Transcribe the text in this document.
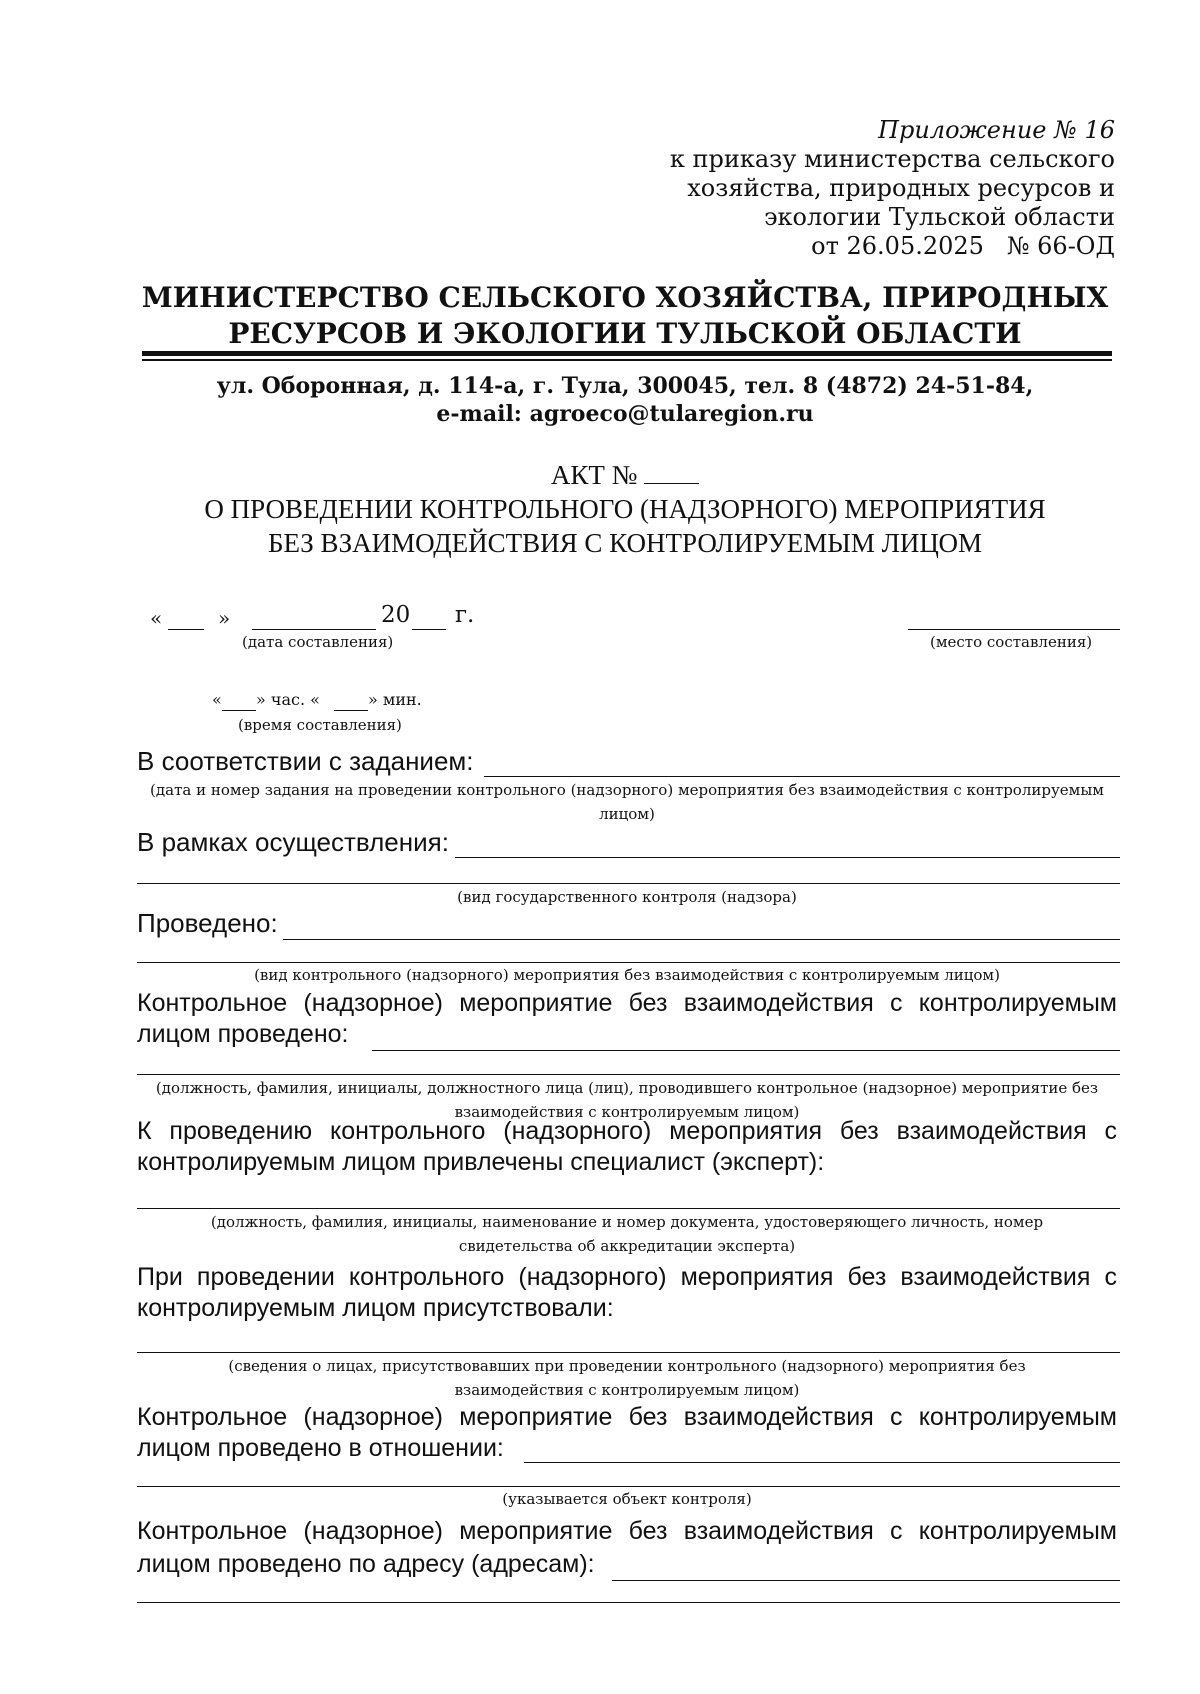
Приложение № 16
к приказу министерства сельского
хозяйства, природных ресурсов и
экологии Тульской области
от 26.05.2025   № 66-ОД
МИНИСТЕРСТВО СЕЛЬСКОГО ХОЗЯЙСТВА, ПРИРОДНЫХ
РЕСУРСОВ И ЭКОЛОГИИ ТУЛЬСКОЙ ОБЛАСТИ
ул. Оборонная, д. 114-а, г. Тула, 300045, тел. 8 (4872) 24-51-84,
e-mail: agroeco@tularegion.ru
АКТ №
О ПРОВЕДЕНИИ КОНТРОЛЬНОГО (НАДЗОРНОГО) МЕРОПРИЯТИЯ
БЕЗ ВЗАИМОДЕЙСТВИЯ С КОНТРОЛИРУЕМЫМ ЛИЦОМ
«	»	20 г.
(дата составления)	(место составления)
« » час. «	» мин.
(время составления)
В соответствии с заданием:
(дата и номер задания на проведении контрольного (надзорного) мероприятия без взаимодействия с контролируемым
лицом)
В рамках осуществления:
(вид государственного контроля (надзора)
Проведено:
(вид контрольного (надзорного) мероприятия без взаимодействия с контролируемым лицом)
Контрольное (надзорное) мероприятие без взаимодействия с контролируемым
лицом проведено:
(должность, фамилия, инициалы, должностного лица (лиц), проводившего контрольное (надзорное) мероприятие без
взаимодействия с контролируемым лицом)
К проведению контрольного (надзорного) мероприятия без взаимодействия с
контролируемым лицом привлечены специалист (эксперт):
(должность, фамилия, инициалы, наименование и номер документа, удостоверяющего личность, номер
свидетельства об аккредитации эксперта)
При проведении контрольного (надзорного) мероприятия без взаимодействия с
контролируемым лицом присутствовали:
(сведения о лицах, присутствовавших при проведении контрольного (надзорного) мероприятия без
взаимодействия с контролируемым лицом)
Контрольное (надзорное) мероприятие без взаимодействия с контролируемым
лицом проведено в отношении:
(указывается объект контроля)
Контрольное (надзорное) мероприятие без взаимодействия с контролируемым
лицом проведено по адресу (адресам):
